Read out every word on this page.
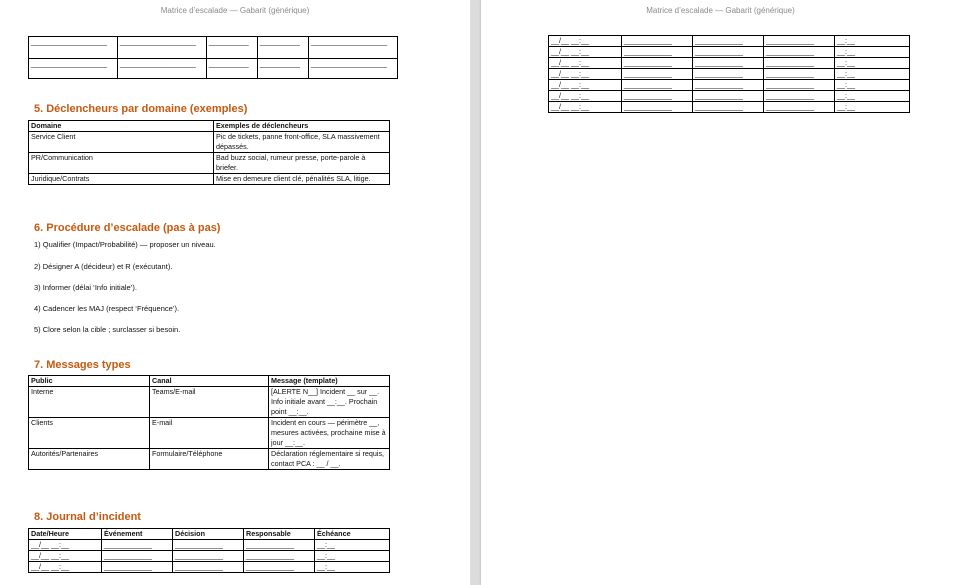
Matrice d’escalade — Gabarit (générique)
___________________	___________________	__________	__________	___________________
___________________	___________________	__________	__________	___________________
5. Déclencheurs par domaine (exemples)
Domaine	Exemples de déclencheurs
Service Client	Pic de tickets, panne front-office, SLA massivement dépassés.
PR/Communication	Bad buzz social, rumeur presse, porte-parole à briefer.
Juridique/Contrats	Mise en demeure client clé, pénalités SLA, litige.
6. Procédure d’escalade (pas à pas)
1) Qualifier (Impact/Probabilité) — proposer un niveau.
2) Désigner A (décideur) et R (exécutant).
3) Informer (délai ‘Info initiale’).
4) Cadencer les MAJ (respect ‘Fréquence’).
5) Clore selon la cible ; surclasser si besoin.
7. Messages types
Public	Canal	Message (template)
Interne	Teams/E-mail	[ALERTE N__] Incident __ sur __. Info initiale avant __:__. Prochain point __:__.
Clients	E-mail	Incident en cours — périmètre __, mesures activées, prochaine mise à jour __:__.
Autorités/Partenaires	Formulaire/Téléphone	Déclaration réglementaire si requis, contact PCA : __ / __.
8. Journal d’incident
Date/Heure	Événement	Décision	Responsable	Échéance
__/__ __:__	____________	____________	____________	__:__
__/__ __:__	____________	____________	____________	__:__
__/__ __:__	____________	____________	____________	__:__
Matrice d’escalade — Gabarit (générique)
__/__ __:__	____________	____________	____________	__:__
__/__ __:__	____________	____________	____________	__:__
__/__ __:__	____________	____________	____________	__:__
__/__ __:__	____________	____________	____________	__:__
__/__ __:__	____________	____________	____________	__:__
__/__ __:__	____________	____________	____________	__:__
__/__ __:__	____________	____________	____________	__:__
